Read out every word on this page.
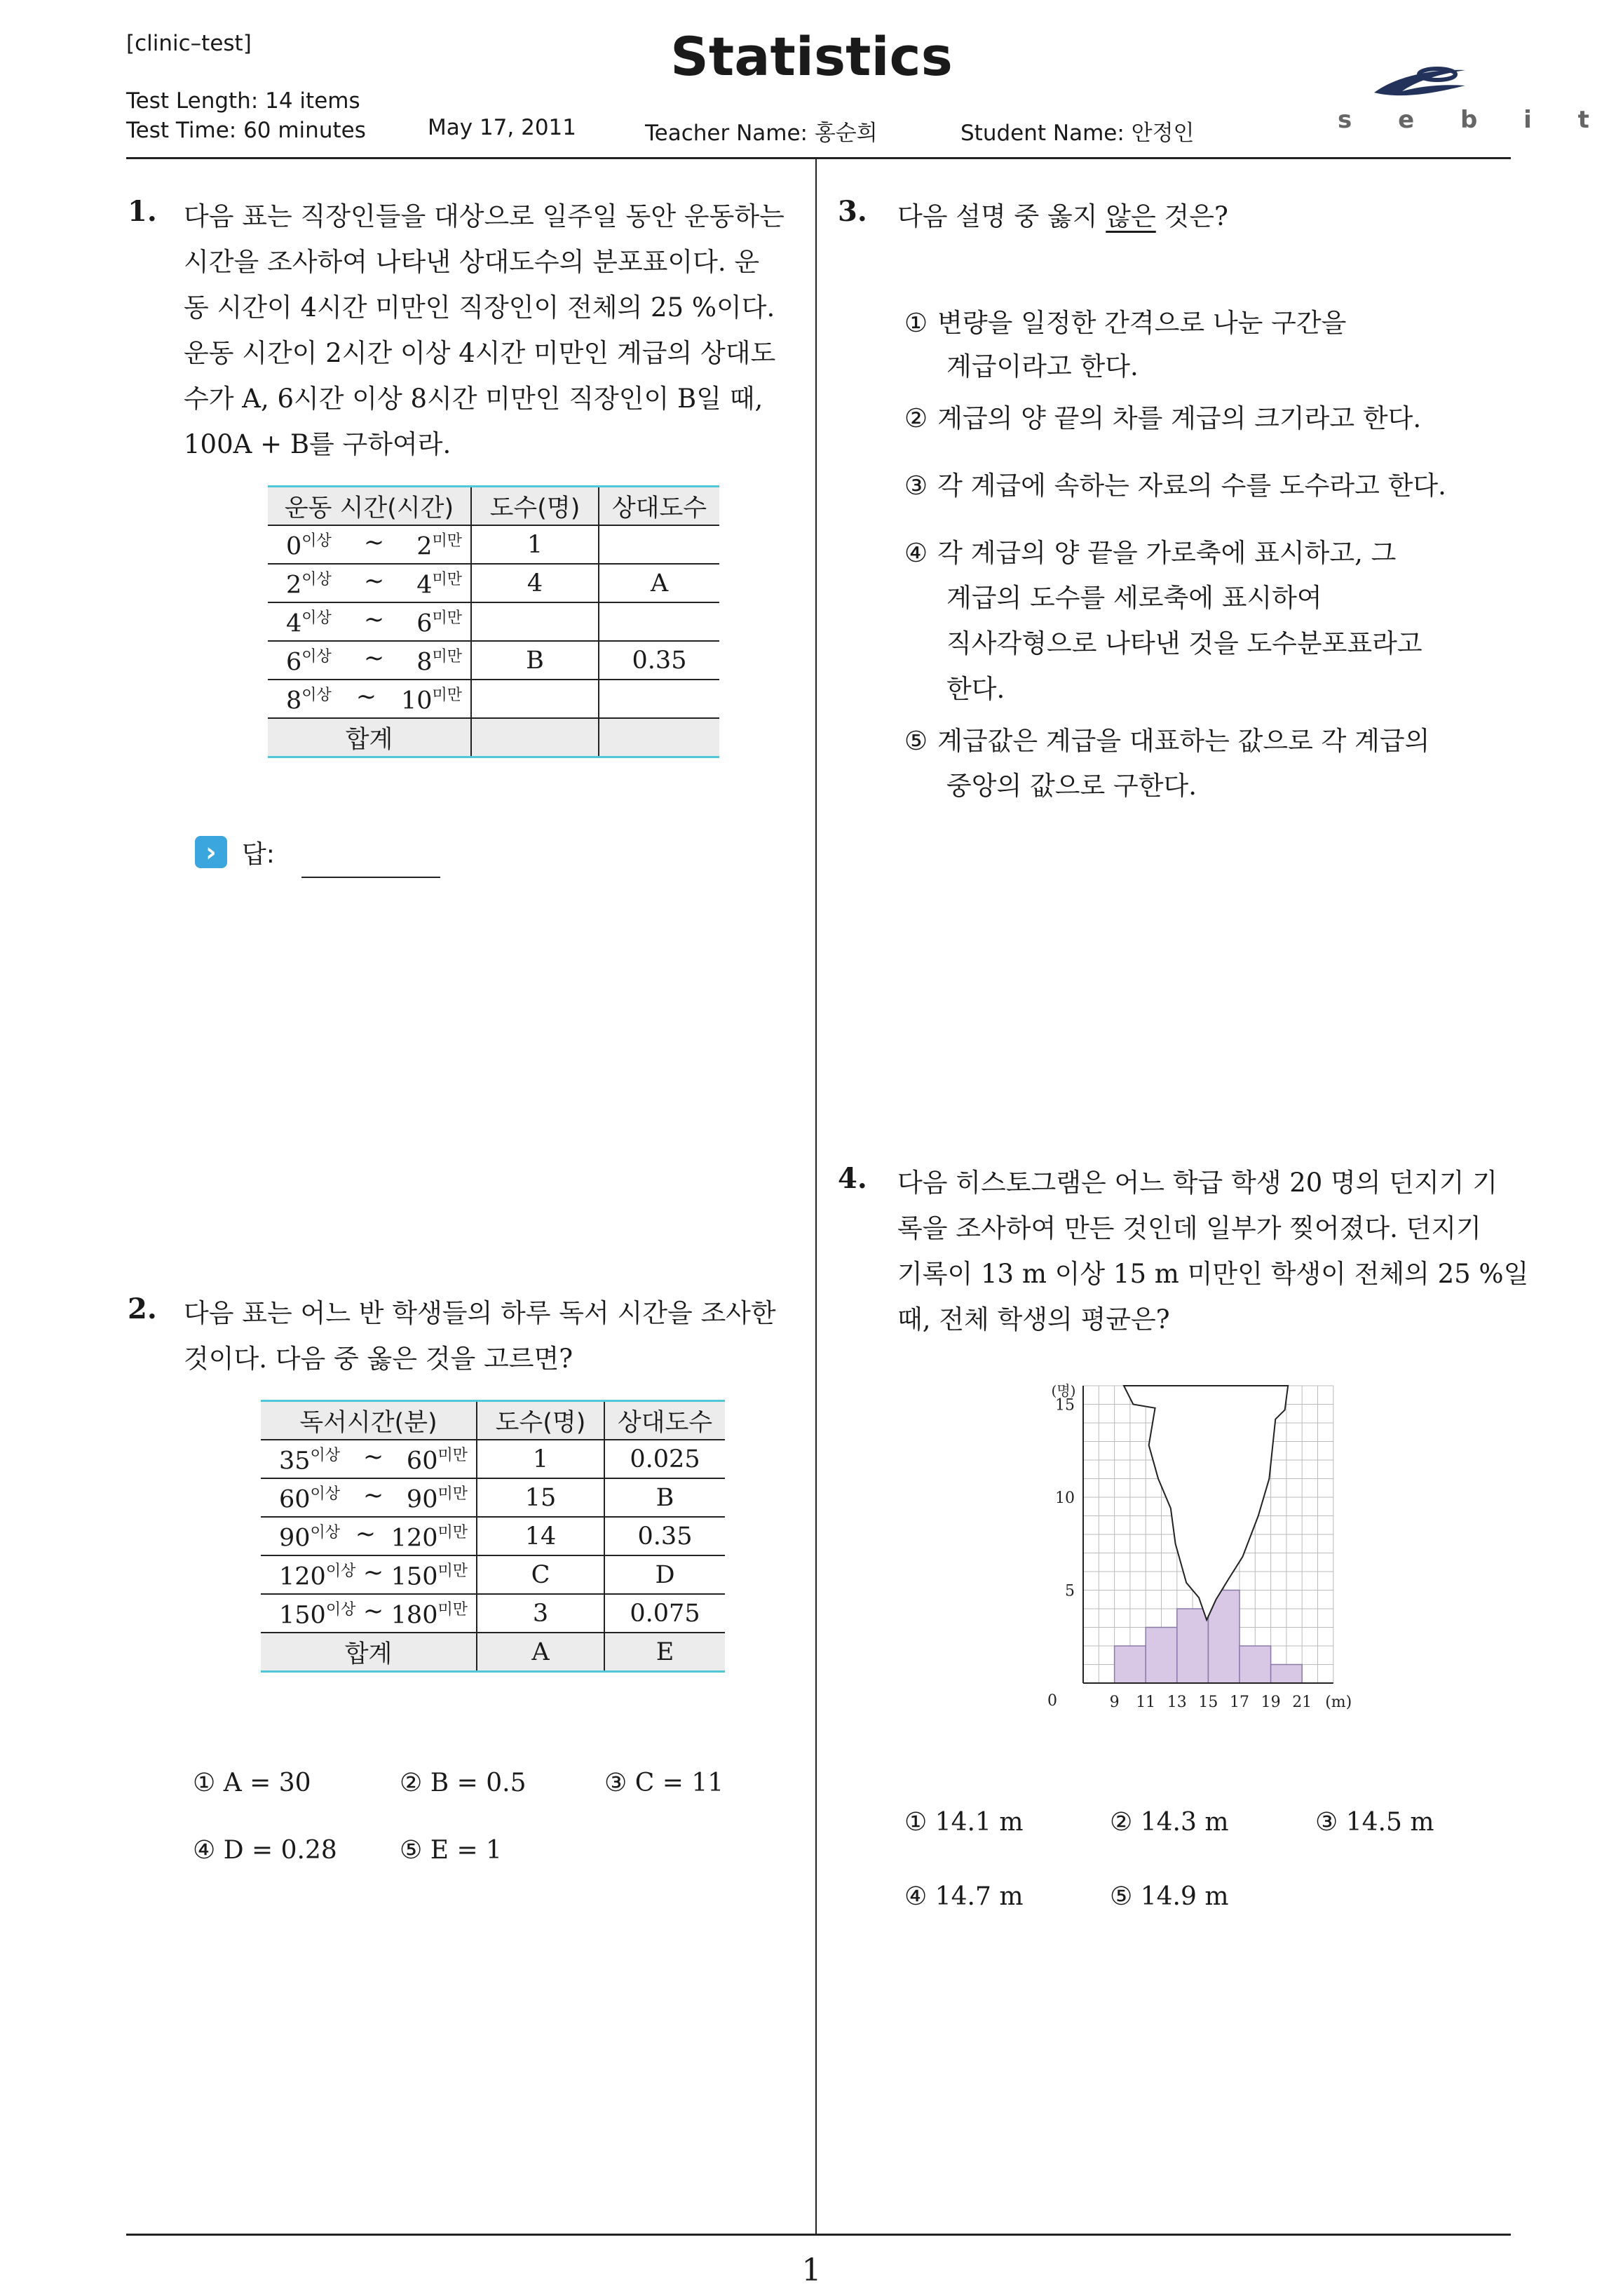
[clinic–test]	Statistics
Test Length: 14 items
Test Time: 60 minutes	May 17, 2011	Teacher Name: 홍순희	Student Name: 안정인	s e b i t
1. 다음 표는 직장인들을 대상으로 일주일 동안 운동하는

시간을 조사하여 나타낸 상대도수의 분포표이다. 운

동 시간이 4시간 미만인 직장인이 전체의 25 %이다.

운동 시간이 2시간 이상 4시간 미만인 계급의 상대도

수가 A, 6시간 이상 8시간 미만인 직장인이 B일 때,

100A + B를 구하여라.

운동 시간(시간)	도수(명)	상대도수

$0^{이상}$ ~ $2^{미만}$	1	

$2^{이상}$ ~ $4^{미만}$	4	A

$4^{이상}$ ~ $6^{미만}$

$6^{이상}$ ~ $8^{미만}$	B	0.35

$8^{이상}$ ~ $10^{미만}$

합계		
›	답:
2. 다음 표는 어느 반 학생들의 하루 독서 시간을 조사한

것이다. 다음 중 옳은 것을 고르면?

독서시간(분)	도수(명)	상대도수

$35^{이상}$ ~ $60^{미만}$	1	0.025

$60^{이상}$ ~ $90^{미만}$	15	B

$90^{이상}$ ~ $120^{미만}$	14	0.35

$120^{이상}$ ~ $150^{미만}$	C	D

$150^{이상}$ ~ $180^{미만}$	3	0.075
합계	A	E
① A = 30	② B = 0.5	③ C = 11
④ D = 0.28 ⑤ E = 1
3. 다음 설명 중 옳지 않은 것은?
① 변량을 일정한 간격으로 나눈 구간을
계급이라고 한다.
② 계급의 양 끝의 차를 계급의 크기라고 한다.
③ 각 계급에 속하는 자료의 수를 도수라고 한다.
④ 각 계급의 양 끝을 가로축에 표시하고, 그

계급의 도수를 세로축에 표시하여

직사각형으로 나타낸 것을 도수분포표라고

한다.

⑤ 계급값은 계급을 대표하는 값으로 각 계급의
중앙의 값으로 구한다.
4. 다음 히스토그램은 어느 학급 학생 20 명의 던지기 기

록을 조사하여 만든 것인데 일부가 찢어졌다. 던지기

기록이 13 m 이상 15 m 미만인 학생이 전체의 25 %일

때, 전체 학생의 평균은?

9 11 13 15 17 19 21
0
5
10
15
(명)
(m)
① 14.1 m	② 14.3 m	③ 14.5 m
④ 14.7 m	⑤ 14.9 m
1
